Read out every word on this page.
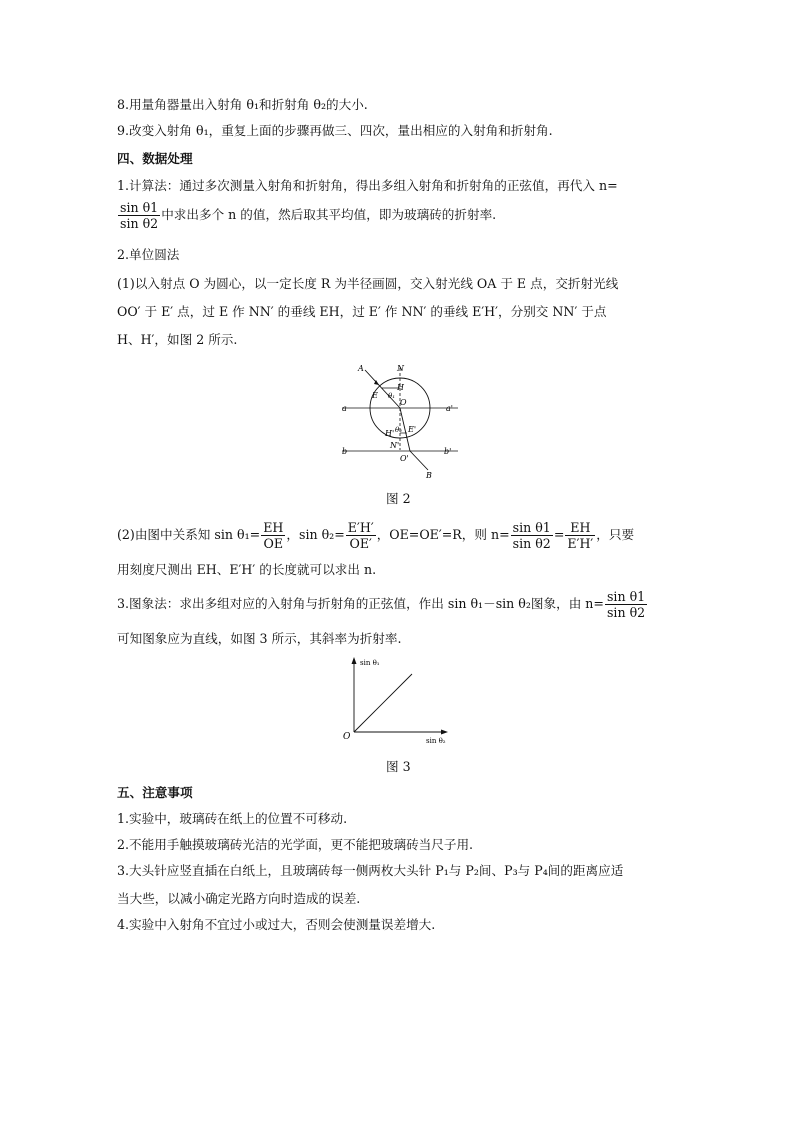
8.用量角器量出入射角 θ₁和折射角 θ₂的大小.
9.改变入射角 θ₁，重复上面的步骤再做三、四次，量出相应的入射角和折射角.
四、数据处理
1.计算法：通过多次测量入射角和折射角，得出多组入射角和折射角的正弦值，再代入 n=
$\frac{\text{sin θ1}}{\text{sin θ2}}$ 中求出多个 n 的值，然后取其平均值，即为玻璃砖的折射率.
2.单位圆法
(1)以入射点 O 为圆心，以一定长度 R 为半径画圆，交入射光线 OA 于 E 点，交折射光线
OO′ 于 E′ 点，过 E 作 NN′ 的垂线 EH，过 E′ 作 NN′ 的垂线 E′H′，分别交 NN′ 于点
H、H′，如图 2 所示.
A	N
H
E θ₁
O
a	a'
E'
H' θ₂
N'
b	b'
O'
B
图 2
(2)由图中关系知 $\sin \theta_1= \frac{EH}{OE}$ ，$\sin \theta_2= \frac{E'H'}{OE'}$ ，OE=OE′=R，则 $n= \frac{\text{sin θ1}}{\text{sin θ2}} = \frac{EH}{E'H'}$ ，只要
用刻度尺测出 EH、E′H′ 的长度就可以求出 n.
3.图象法：求出多组对应的入射角与折射角的正弦值，作出 sin θ₁－sin θ₂图象，由 $n= \frac{\text{sin θ1}}{\text{sin θ2}}$
可知图象应为直线，如图 3 所示，其斜率为折射率.
sin θ₁
sin θ₂
O
图 3
五、注意事项
1.实验中，玻璃砖在纸上的位置不可移动.
2.不能用手触摸玻璃砖光洁的光学面，更不能把玻璃砖当尺子用.
3.大头针应竖直插在白纸上，且玻璃砖每一侧两枚大头针 P₁与 P₂间、P₃与 P₄间的距离应适
当大些，以减小确定光路方向时造成的误差.
4.实验中入射角不宜过小或过大，否则会使测量误差增大.
